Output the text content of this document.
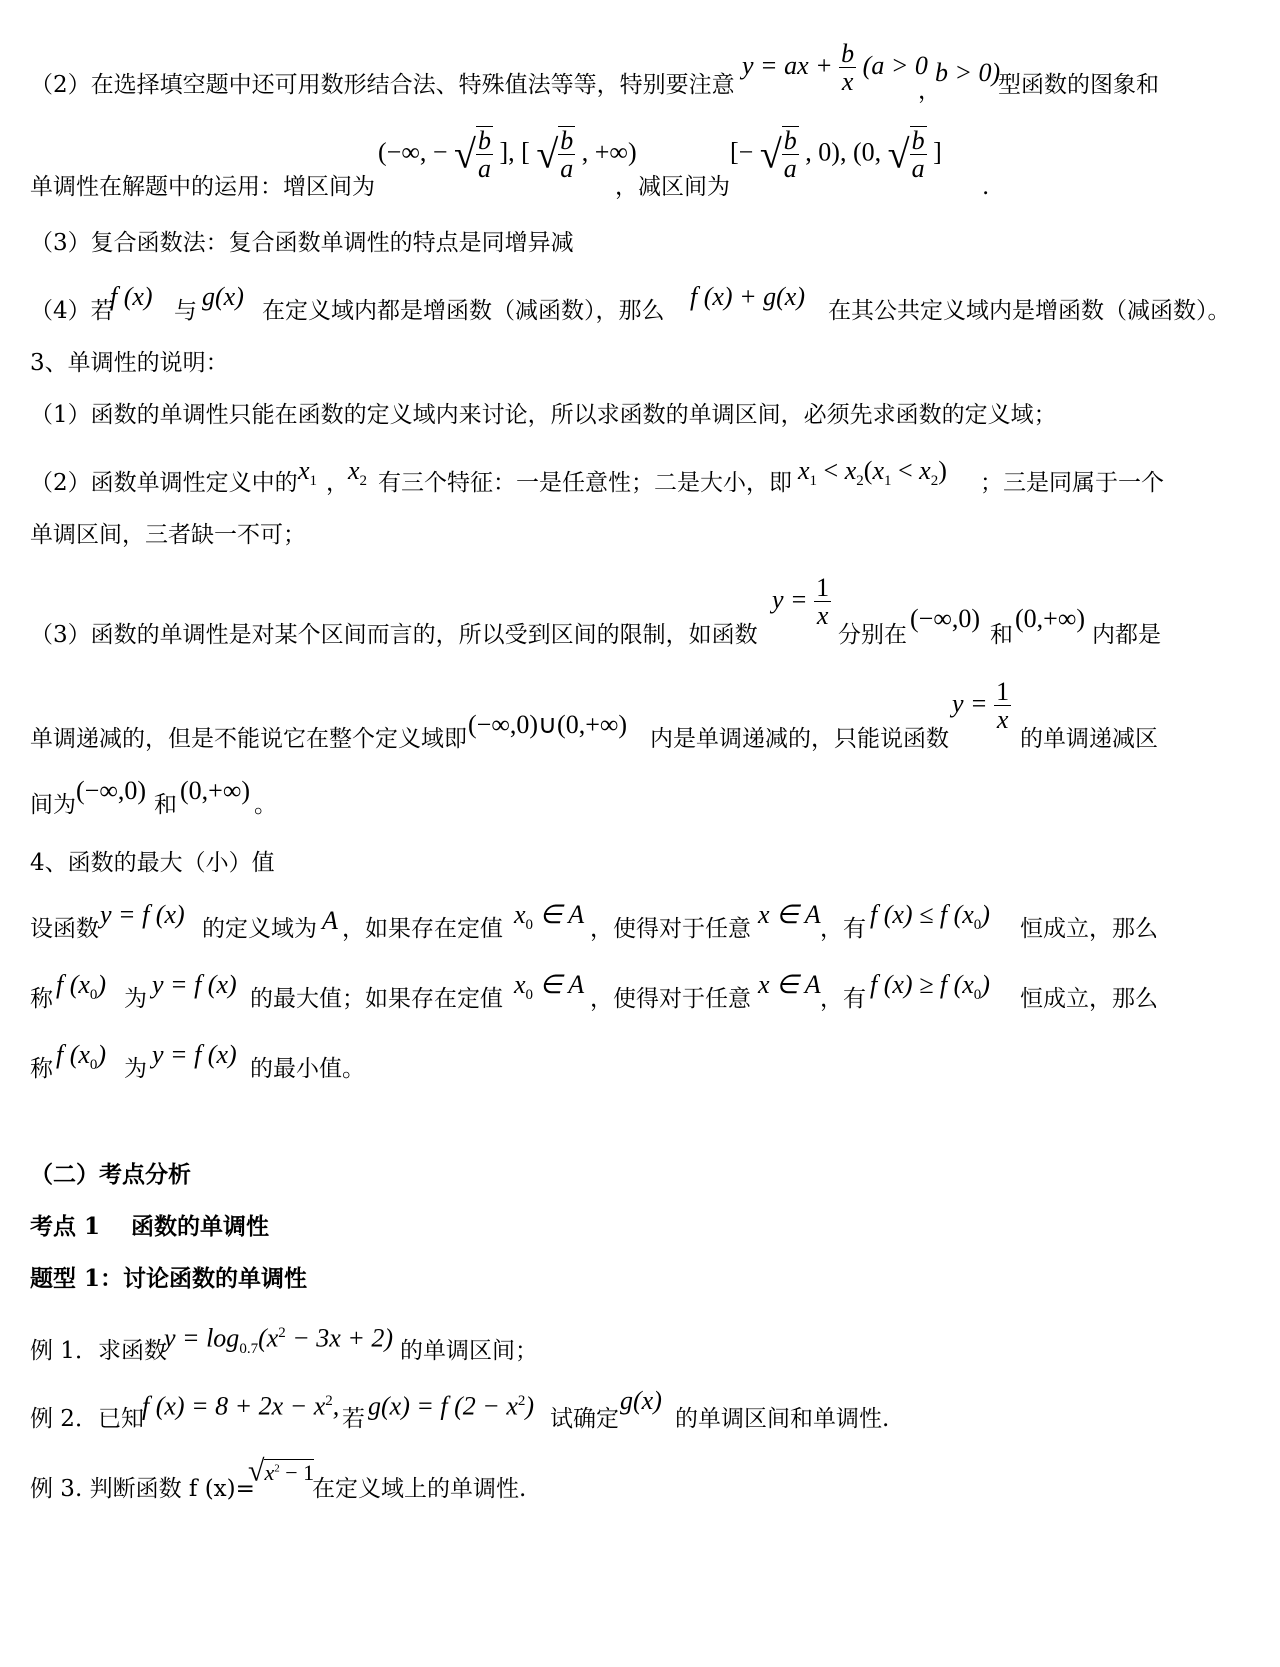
（2）在选择填空题中还可用数形结合法、特殊值法等等，特别要注意
y = ax + $\frac{b}{x} (a > 0$
，
b > 0)
型函数的图象和
单调性在解题中的运用：增区间为
(−∞, − √ $\frac{b}{a}$ ], [ √ $\frac{b}{a}$ , +∞)
，减区间为
[− √ $\frac{b}{a}$ , 0), (0, √ $\frac{b}{a}$ ]
.
（3）复合函数法：复合函数单调性的特点是同增异减
（4）若
f (x) 与 g(x) 在定义域内都是增函数（减函数），那么 f (x) + g(x) 在其公共定义域内是增函数（减函数）。
3、单调性的说明：
（1）函数的单调性只能在函数的定义域内来讨论，所以求函数的单调区间，必须先求函数的定义域；
（2）函数单调性定义中的 $x_1$ ， $x_2$ 有三个特征：一是任意性；二是大小，即 $x_1 < x_2(x_1 < x_2)$ ；三是同属于一个
单调区间，三者缺一不可；
（3）函数的单调性是对某个区间而言的，所以受到区间的限制，如函数
$y = \frac{1}{x}$
分别在
(−∞,0)
和
(0,+∞)
内都是
单调递减的，但是不能说它在整个定义域即 (−∞,0)∪(0,+∞) 内是单调递减的，只能说函数
$y = \frac{1}{x}$
的单调递减区
间为 (−∞,0) 和 (0,+∞) 。
4、函数的最大（小）值
设函数 y = f (x) 的定义域为 A ，如果存在定值 $x_0$ ∈ A ，使得对于任意 x ∈ A ，有 f (x) ≤ f $(x_0)$ 恒成立，那么
称 f $(x_0)$ 为 y = f (x) 的最大值；如果存在定值 $x_0$ ∈ A ，使得对于任意 x ∈ A ，有 f (x) ≥ f $(x_0)$ 恒成立，那么
称 f $(x_0)$ 为 y = f (x) 的最小值。
（二）考点分析
考点 1　 函数的单调性
题型 1：讨论函数的单调性
例 1．求函数
$y = \log_{0.7}(x^2 - 3x + 2)$ 的单调区间；
例 2．已知
f $(x) = 8 + 2x - x^2$, 若 g(x) = f $(2 - x^2)$ 试确定
g(x)
的单调区间和单调性.
例 3. 判断函数 f (x)=
$√x^2 - 1$
在定义域上的单调性.
